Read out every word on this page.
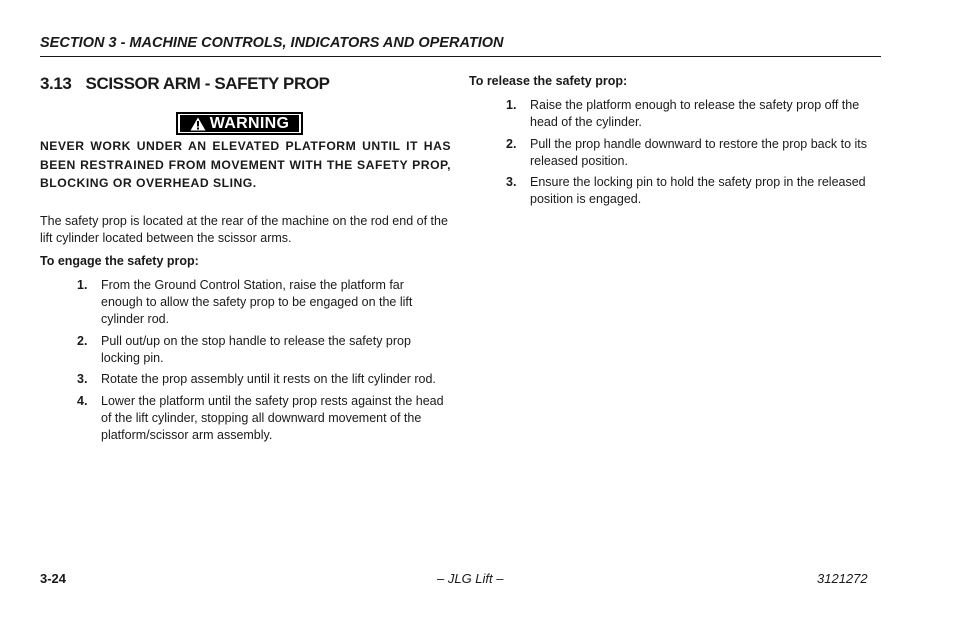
SECTION 3 - MACHINE CONTROLS, INDICATORS AND OPERATION
3.13 SCISSOR ARM - SAFETY PROP
WARNING
NEVER WORK UNDER AN ELEVATED PLATFORM UNTIL IT HAS BEEN RESTRAINED FROM MOVEMENT WITH THE SAFETY PROP, BLOCKING OR OVERHEAD SLING.
The safety prop is located at the rear of the machine on the rod end of the lift cylinder located between the scissor arms.
To engage the safety prop:
1. From the Ground Control Station, raise the platform far enough to allow the safety prop to be engaged on the lift cylinder rod.
2. Pull out/up on the stop handle to release the safety prop locking pin.
3. Rotate the prop assembly until it rests on the lift cylinder rod.
4. Lower the platform until the safety prop rests against the head of the lift cylinder, stopping all downward movement of the platform/scissor arm assembly.
To release the safety prop:
1. Raise the platform enough to release the safety prop off the head of the cylinder.
2. Pull the prop handle downward to restore the prop back to its released position.
3. Ensure the locking pin to hold the safety prop in the released position is engaged.
3-24	– JLG Lift –	3121272
